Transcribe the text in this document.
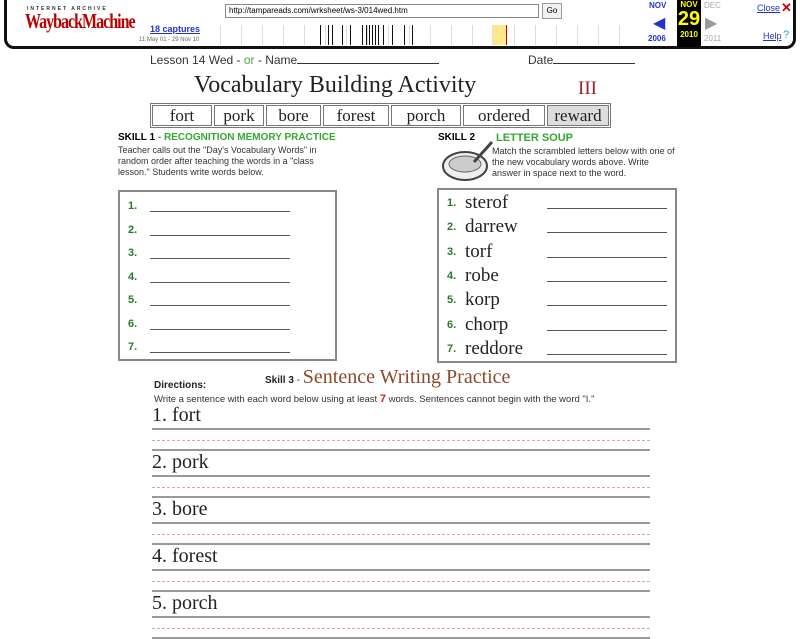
INTERNET ARCHIVE
WaybackMachine
http://tampareads.com/wrksheet/ws-3/014wed.htm	Go
18 captures
11 May 01 - 29 Nov 10
NOV
◀
2006
NOV
29
2010
DEC
▶
2011
Close ✕
Help ?
Lesson 14 Wed - or - Name	Date
Vocabulary Building Activity	III
fort	pork	bore	forest	porch	ordered	reward
SKILL 1 - RECOGNITION MEMORY PRACTICE
Teacher calls out the "Day's Vocabulary Words" in random order after teaching the words in a "class lesson." Students write words below.
1.
2.
3.
4.
5.
6.
7.
SKILL 2 LETTER SOUP
Match the scrambled letters below with one of the new vocabulary words above. Write answer in space next to the word.
1. sterof
2. darrew
3. torf
4. robe
5. korp
6. chorp
7. reddore
Directions:	Skill 3 - Sentence Writing Practice
Write a sentence with each word below using at least 7 words. Sentences cannot begin with the word "I."
1. fort
2. pork
3. bore
4. forest
5. porch
